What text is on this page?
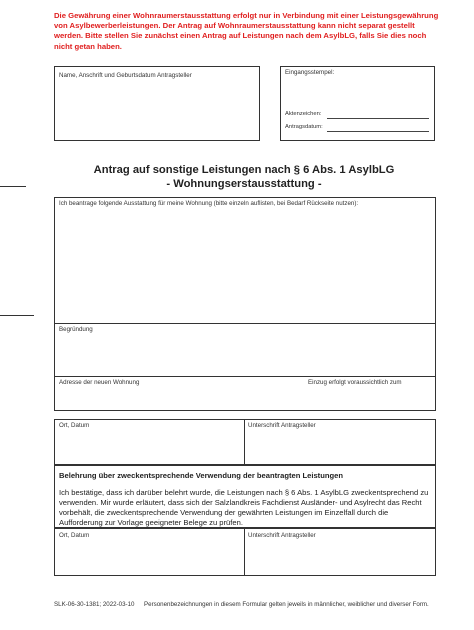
Die Gewährung einer Wohnraumerstausstattung erfolgt nur in Verbindung mit einer Leistungsgewährung von Asylbewerberleistungen. Der Antrag auf Wohnraumerstausstattung kann nicht separat gestellt werden. Bitte stellen Sie zunächst einen Antrag auf Leistungen nach dem AsylbLG, falls Sie dies noch nicht getan haben.
Name, Anschrift und Geburtsdatum Antragsteller	Eingangsstempel:
Aktenzeichen:
Antragsdatum:
Antrag auf sonstige Leistungen nach § 6 Abs. 1 AsylbLG
- Wohnungserstausstattung -
Ich beantrage folgende Ausstattung für meine Wohnung (bitte einzeln auflisten, bei Bedarf Rückseite nutzen):
Begründung
Adresse der neuen Wohnung	Einzug erfolgt voraussichtlich zum
Ort, Datum	Unterschrift Antragsteller
Belehrung über zweckentsprechende Verwendung der beantragten Leistungen
Ich bestätige, dass ich darüber belehrt wurde, die Leistungen nach § 6 Abs. 1 AsylbLG zweckentsprechend zu verwenden. Mir wurde erläutert, dass sich der Salzlandkreis Fachdienst Ausländer- und Asylrecht das Recht vorbehält, die zweckentsprechende Verwendung der gewährten Leistungen im Einzelfall durch die Aufforderung zur Vorlage geeigneter Belege zu prüfen.
Ort, Datum	Unterschrift Antragsteller
SLK-06-30-1381; 2022-03-10 Personenbezeichnungen in diesem Formular gelten jeweils in männlicher, weiblicher und diverser Form.
